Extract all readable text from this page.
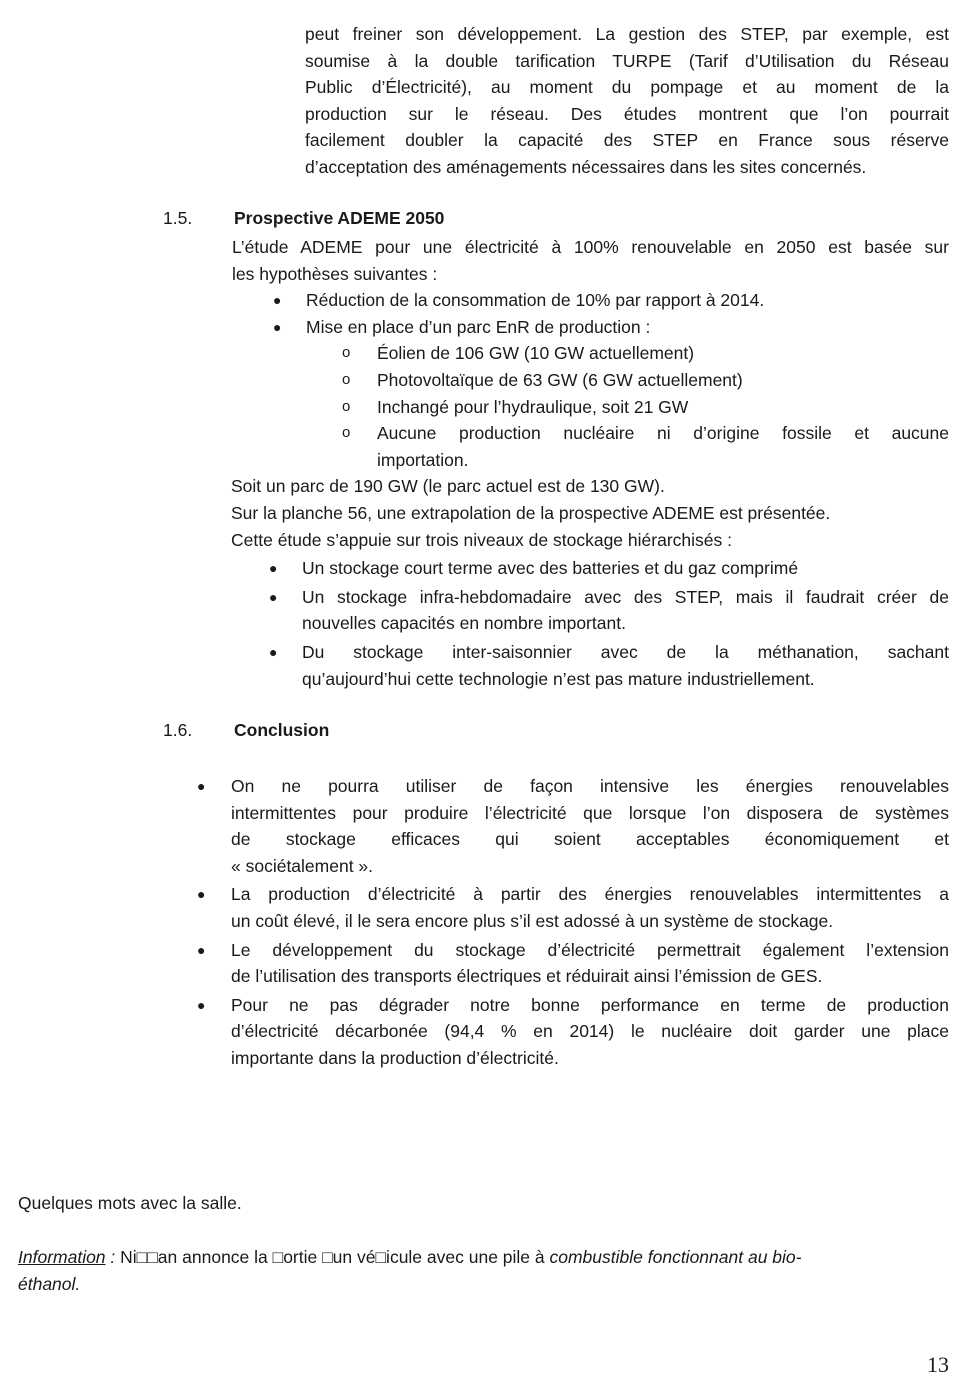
peut freiner son développement. La gestion des STEP, par exemple, est

soumise à la double tarification TURPE (Tarif d’Utilisation du Réseau

Public d’Électricité), au moment du pompage et au moment de la

production sur le réseau. Des études montrent que l’on pourrait

facilement doubler la capacité des STEP en France sous réserve

d’acceptation des aménagements nécessaires dans les sites concernés.

1.5. Prospective ADEME 2050

L’étude ADEME pour une électricité à 100% renouvelable en 2050 est basée sur

les hypothèses suivantes :

● Réduction de la consommation de 10% par rapport à 2014.
● Mise en place d’un parc EnR de production :
o Éolien de 106 GW (10 GW actuellement)
o Photovoltaïque de 63 GW (6 GW actuellement)
o Inchangé pour l’hydraulique, soit 21 GW
o Aucune production nucléaire ni d’origine fossile et aucune
importation.

Soit un parc de 190 GW (le parc actuel est de 130 GW).

Sur la planche 56, une extrapolation de la prospective ADEME est présentée.

Cette étude s’appuie sur trois niveaux de stockage hiérarchisés :

● Un stockage court terme avec des batteries et du gaz comprimé
● Un stockage infra-hebdomadaire avec des STEP, mais il faudrait créer de
nouvelles capacités en nombre important.
● Du stockage inter-saisonnier avec de la méthanation, sachant
qu’aujourd’hui cette technologie n’est pas mature industriellement.
1.6. Conclusion
● On ne pourra utiliser de façon intensive les énergies renouvelables
intermittentes pour produire l’électricité que lorsque l’on disposera de systèmes
de stockage efficaces qui soient acceptables économiquement et
« sociétalement ».
● La production d’électricité à partir des énergies renouvelables intermittentes a
un coût élevé, il le sera encore plus s’il est adossé à un système de stockage.
● Le développement du stockage d’électricité permettrait également l’extension
de l’utilisation des transports électriques et réduirait ainsi l’émission de GES.
● Pour ne pas dégrader notre bonne performance en terme de production
d’électricité décarbonée (94,4 % en 2014) le nucléaire doit garder une place
importante dans la production d’électricité.
Quelques mots avec la salle.
Information : Ni□□an annonce la □ortie □un vé□icule avec une pile à combustible fonctionnant au bio-
éthanol.
13
